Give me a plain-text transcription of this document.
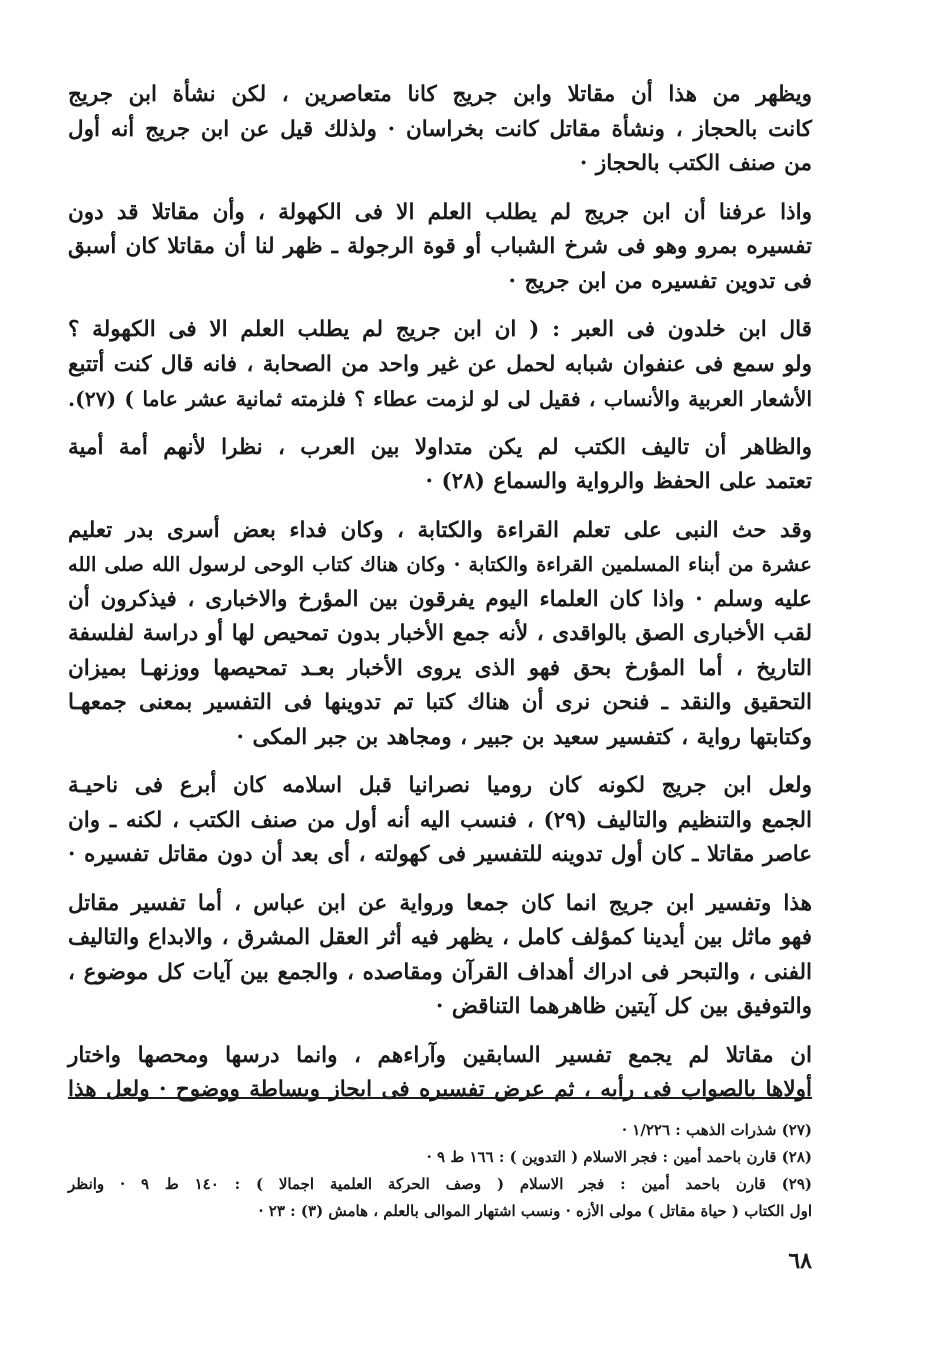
ويظهر من هذا أن مقاتلا وابن جريج كانا متعاصرين ، لكن نشأة ابن جريج
كانت بالحجاز ، ونشأة مقاتل كانت بخراسان · ولذلك قيل عن ابن جريج أنه أول
من صنف الكتب بالحجاز ·

واذا عرفنا أن ابن جريج لم يطلب العلم الا فى الكهولة ، وأن مقاتلا قد دون
تفسيره بمرو وهو فى شرخ الشباب أو قوة الرجولة ـ ظهر لنا أن مقاتلا كان أسبق
فى تدوين تفسيره من ابن جريج ·

قال ابن خلدون فى العبر : ( ان ابن جريج لم يطلب العلم الا فى الكهولة ؟
ولو سمع فى عنفوان شبابه لحمل عن غير واحد من الصحابة ، فانه قال كنت أتتبع
الأشعار العربية والأنساب ، فقيل لى لو لزمت عطاء ؟ فلزمته ثمانية عشر عاما ) (٢٧).

والظاهر أن تاليف الكتب لم يكن متداولا بين العرب ، نظرا لأنهم أمة أمية
تعتمد على الحفظ والرواية والسماع (٢٨) ·

وقد حث النبى على تعلم القراءة والكتابة ، وكان فداء بعض أسرى بدر تعليم
عشرة من أبناء المسلمين القراءة والكتابة · وكان هناك كتاب الوحى لرسول الله صلى الله
عليه وسلم · واذا كان العلماء اليوم يفرقون بين المؤرخ والاخبارى ، فيذكرون أن
لقب الأخبارى الصق بالواقدى ، لأنه جمع الأخبار بدون تمحيص لها أو دراسة لفلسفة
التاريخ ، أما المؤرخ بحق فهو الذى يروى الأخبار بعـد تمحيصها ووزنهـا بميزان
التحقيق والنقد ـ فنحن نرى أن هناك كتبا تم تدوينها فى التفسير بمعنى جمعهـا
وكتابتها رواية ، كتفسير سعيد بن جبير ، ومجاهد بن جبر المكى ·

ولعل ابن جريج لكونه كان روميا نصرانيا قبل اسلامه كان أبرع فى ناحيـة
الجمع والتنظيم والتاليف (٢٩) ، فنسب اليه أنه أول من صنف الكتب ، لكنه ـ وان
عاصر مقاتلا ـ كان أول تدوينه للتفسير فى كهولته ، أى بعد أن دون مقاتل تفسيره ·

هذا وتفسير ابن جريج انما كان جمعا ورواية عن ابن عباس ، أما تفسير مقاتل
فهو ماثل بين أيدينا كمؤلف كامل ، يظهر فيه أثر العقل المشرق ، والابداع والتاليف
الفنى ، والتبحر فى ادراك أهداف القرآن ومقاصده ، والجمع بين آيات كل موضوع ،
والتوفيق بين كل آيتين ظاهرهما التناقض ·

ان مقاتلا لم يجمع تفسير السابقين وآراءهم ، وانما درسها ومحصها واختار
أولاها بالصواب فى رأيه ، ثم عرض تفسيره فى ايجاز وبساطة ووضوح · ولعل هذا

(٢٧) شذرات الذهب : ١/٢٢٦ ·
(٢٨) قارن باحمد أمين : فجر الاسلام ( التدوين ) : ١٦٦ ط ٩ ·
(٢٩) قارن باحمد أمين : فجر الاسلام ( وصف الحركة العلمية اجمالا ) : ١٤٠ ط ٩ · وانظر
اول الكتاب ( حياة مقاتل ) مولى الأزه · ونسب اشتهار الموالى بالعلم ، هامش (٣) : ٢٣ ·
٦٨
